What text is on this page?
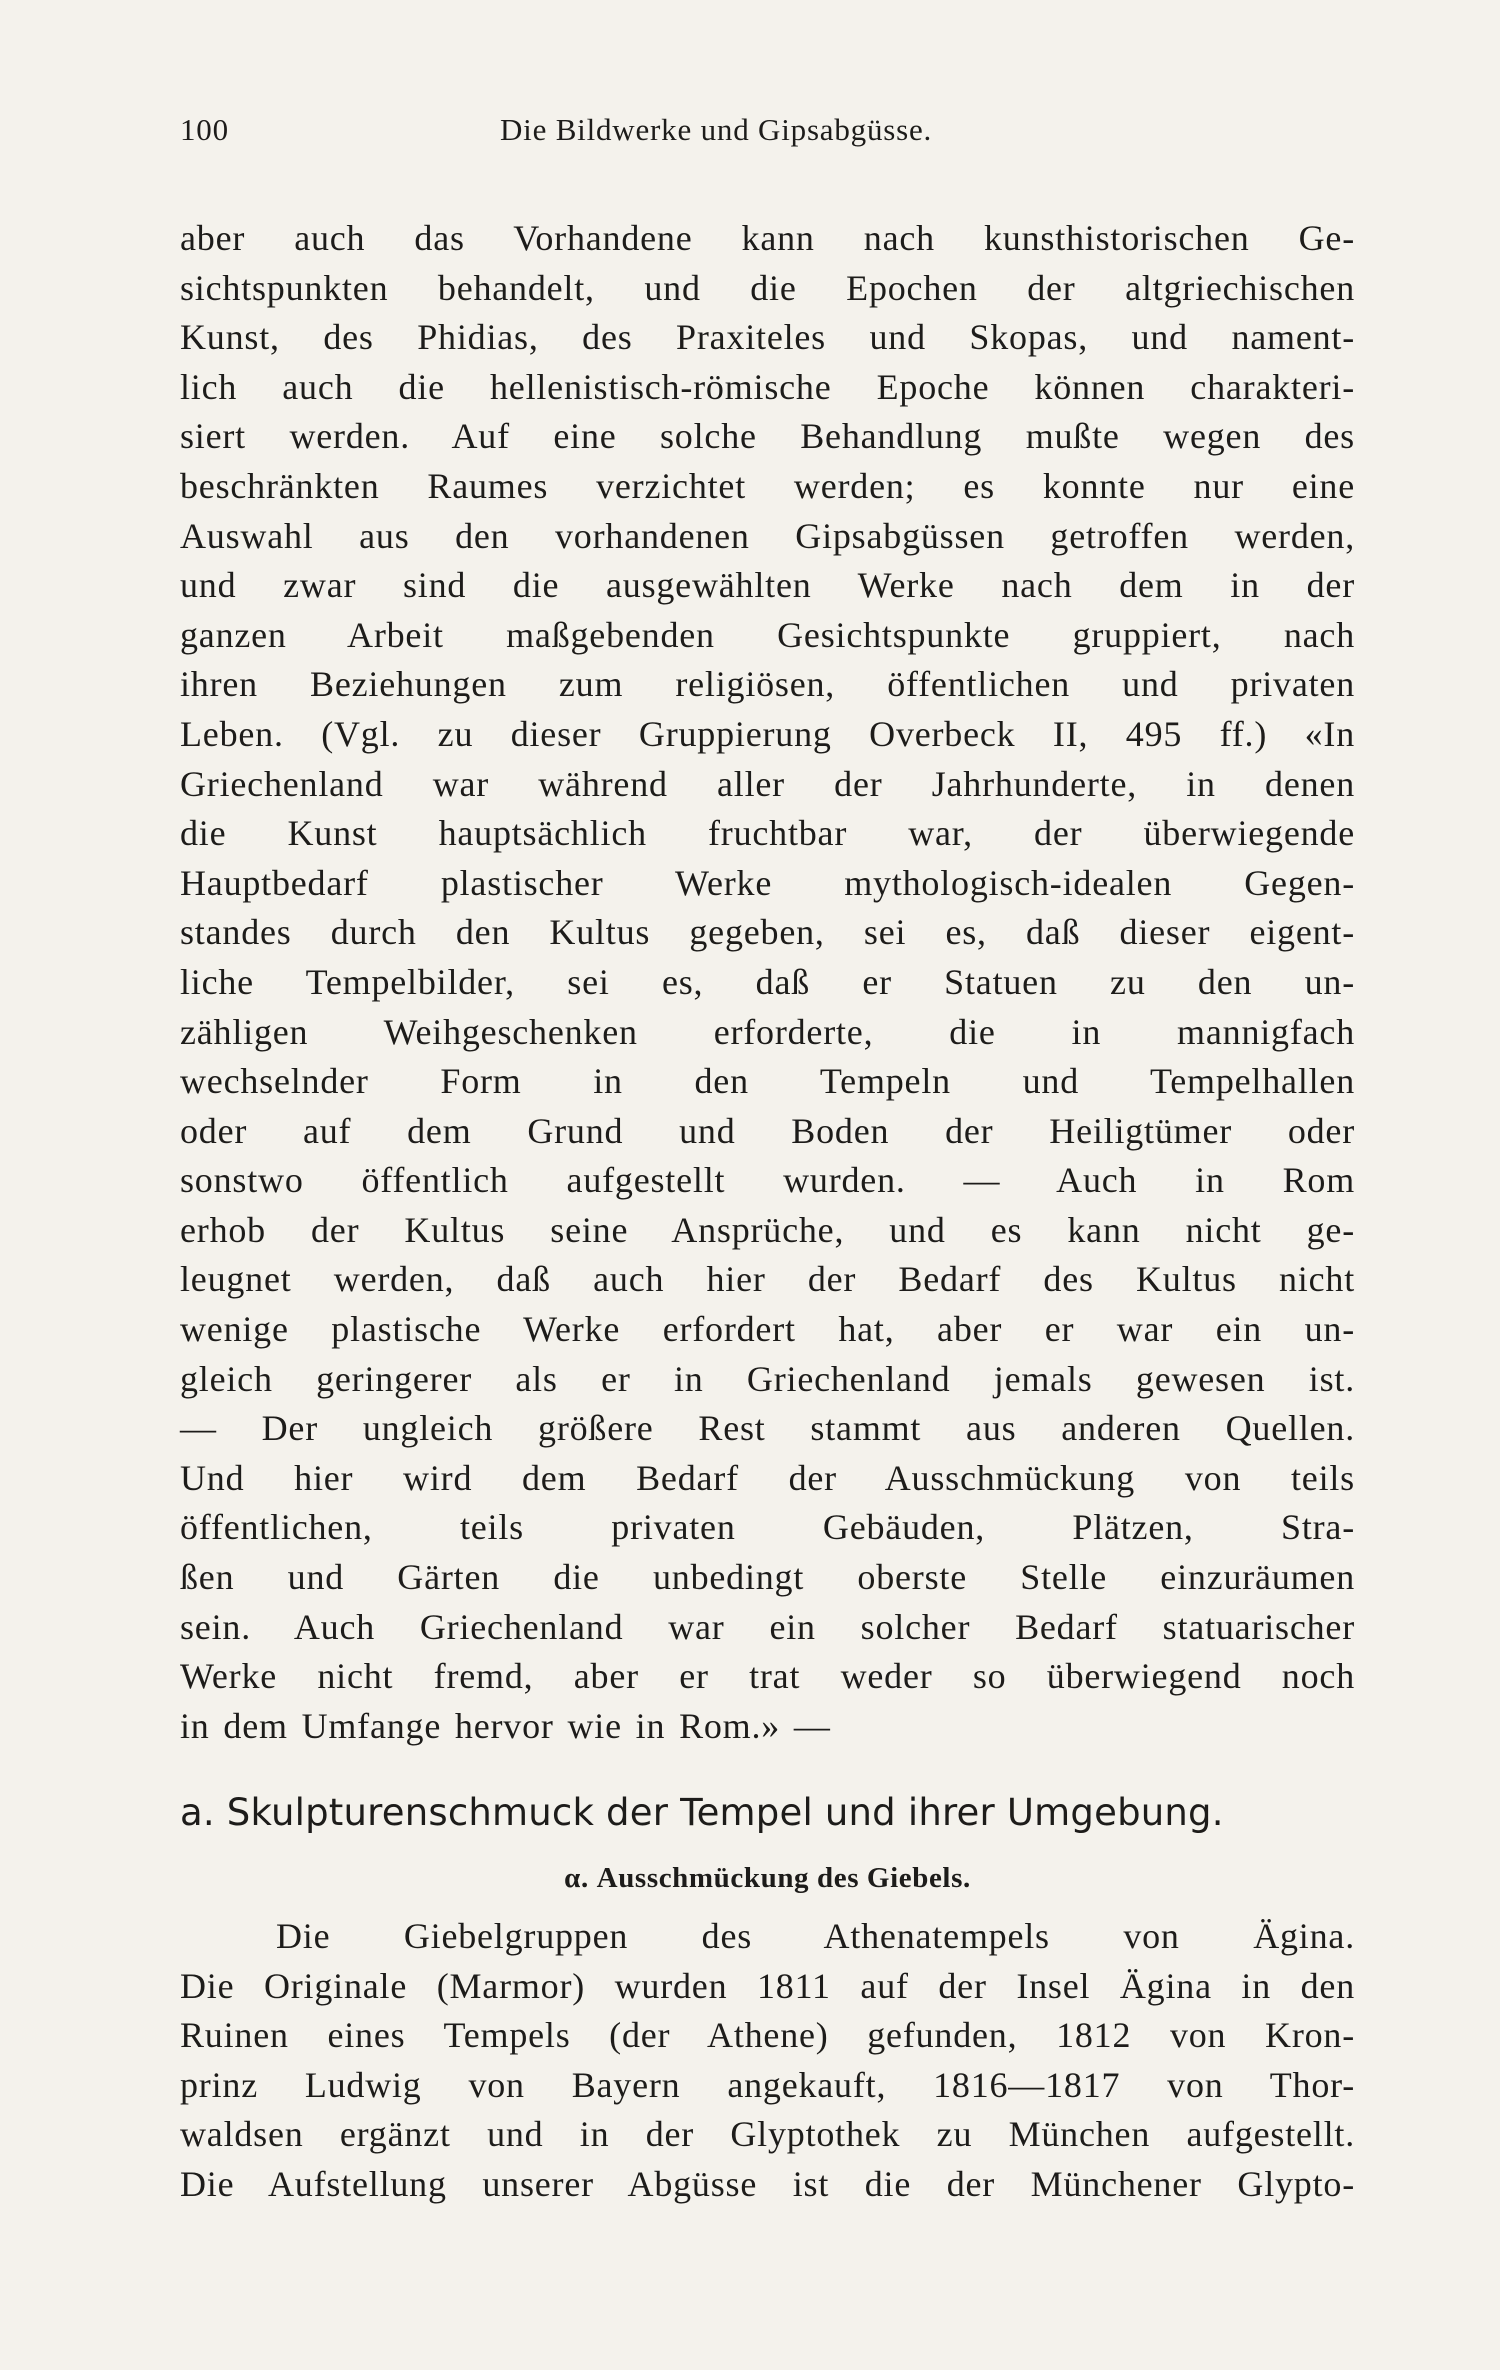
100	Die Bildwerke und Gipsabgüsse.
aber auch das Vorhandene kann nach kunsthistorischen Ge-
sichtspunkten behandelt, und die Epochen der altgriechischen
Kunst, des Phidias, des Praxiteles und Skopas, und nament-
lich auch die hellenistisch-römische Epoche können charakteri-
siert werden. Auf eine solche Behandlung mußte wegen des
beschränkten Raumes verzichtet werden; es konnte nur eine
Auswahl aus den vorhandenen Gipsabgüssen getroffen werden,
und zwar sind die ausgewählten Werke nach dem in der
ganzen Arbeit maßgebenden Gesichtspunkte gruppiert, nach
ihren Beziehungen zum religiösen, öffentlichen und privaten
Leben. (Vgl. zu dieser Gruppierung Overbeck II, 495 ff.) «In
Griechenland war während aller der Jahrhunderte, in denen
die Kunst hauptsächlich fruchtbar war, der überwiegende
Hauptbedarf plastischer Werke mythologisch-idealen Gegen-
standes durch den Kultus gegeben, sei es, daß dieser eigent-
liche Tempelbilder, sei es, daß er Statuen zu den un-
zähligen Weihgeschenken erforderte, die in mannigfach
wechselnder Form in den Tempeln und Tempelhallen
oder auf dem Grund und Boden der Heiligtümer oder
sonstwo öffentlich aufgestellt wurden. — Auch in Rom
erhob der Kultus seine Ansprüche, und es kann nicht ge-
leugnet werden, daß auch hier der Bedarf des Kultus nicht
wenige plastische Werke erfordert hat, aber er war ein un-
gleich geringerer als er in Griechenland jemals gewesen ist.
— Der ungleich größere Rest stammt aus anderen Quellen.
Und hier wird dem Bedarf der Ausschmückung von teils
öffentlichen, teils privaten Gebäuden, Plätzen, Stra-
ßen und Gärten die unbedingt oberste Stelle einzuräumen
sein. Auch Griechenland war ein solcher Bedarf statuarischer
Werke nicht fremd, aber er trat weder so überwiegend noch
in dem Umfange hervor wie in Rom.» —
a. Skulpturenschmuck der Tempel und ihrer Umgebung.
α. Ausschmückung des Giebels.
Die Giebelgruppen des Athenatempels von Ägina.
Die Originale (Marmor) wurden 1811 auf der Insel Ägina in den
Ruinen eines Tempels (der Athene) gefunden, 1812 von Kron-
prinz Ludwig von Bayern angekauft, 1816—1817 von Thor-
waldsen ergänzt und in der Glyptothek zu München aufgestellt.
Die Aufstellung unserer Abgüsse ist die der Münchener Glypto-
